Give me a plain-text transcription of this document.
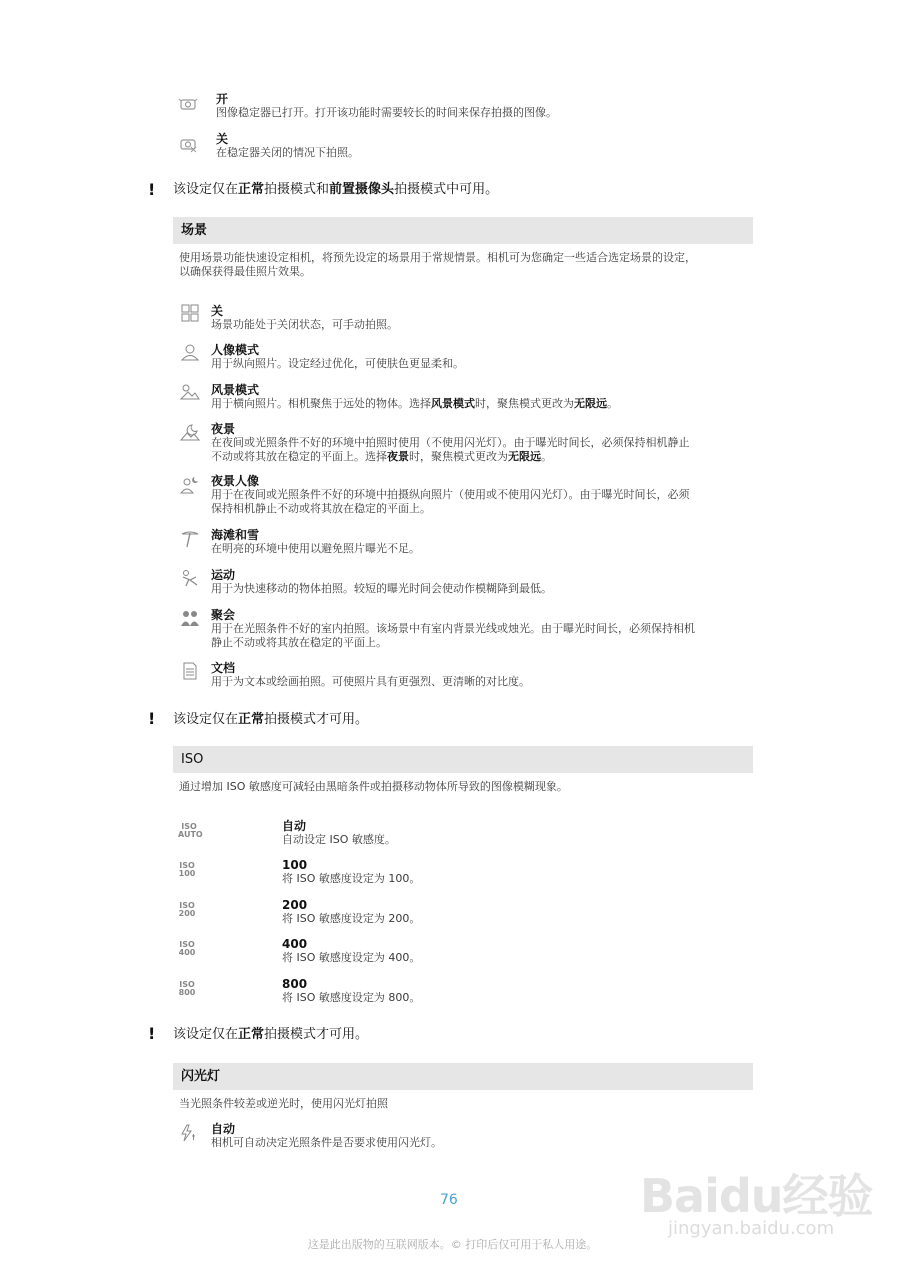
开
图像稳定器已打开。打开该功能时需要较长的时间来保存拍摄的图像。
关
在稳定器关闭的情况下拍照。
! 该设定仅在正常拍摄模式和前置摄像头拍摄模式中可用。
场景
使用场景功能快速设定相机，将预先设定的场景用于常规情景。相机可为您确定一些适合选定场景的设定，
以确保获得最佳照片效果。
关
场景功能处于关闭状态，可手动拍照。
人像模式
用于纵向照片。设定经过优化，可使肤色更显柔和。
风景模式
用于横向照片。相机聚焦于远处的物体。选择风景模式时，聚焦模式更改为无限远。
夜景
在夜间或光照条件不好的环境中拍照时使用（不使用闪光灯）。由于曝光时间长，必须保持相机静止
不动或将其放在稳定的平面上。选择夜景时，聚焦模式更改为无限远。
夜景人像
用于在夜间或光照条件不好的环境中拍摄纵向照片（使用或不使用闪光灯）。由于曝光时间长，必须
保持相机静止不动或将其放在稳定的平面上。
海滩和雪
在明亮的环境中使用以避免照片曝光不足。
运动
用于为快速移动的物体拍照。较短的曝光时间会使动作模糊降到最低。
聚会
用于在光照条件不好的室内拍照。该场景中有室内背景光线或烛光。由于曝光时间长，必须保持相机
静止不动或将其放在稳定的平面上。
文档
用于为文本或绘画拍照。可使照片具有更强烈、更清晰的对比度。
! 该设定仅在正常拍摄模式才可用。
ISO
通过增加 ISO 敏感度可减轻由黑暗条件或拍摄移动物体所导致的图像模糊现象。
ISO
AUTO
自动
自动设定 ISO 敏感度。
ISO
100
100
将 ISO 敏感度设定为 100。
ISO
200
200
将 ISO 敏感度设定为 200。
ISO
400
400
将 ISO 敏感度设定为 400。
ISO
800
800
将 ISO 敏感度设定为 800。
! 该设定仅在正常拍摄模式才可用。
闪光灯
当光照条件较差或逆光时，使用闪光灯拍照
自动
相机可自动决定光照条件是否要求使用闪光灯。
76	Baidu经验
jingyan.baidu.com
这是此出版物的互联网版本。© 打印后仅可用于私人用途。
